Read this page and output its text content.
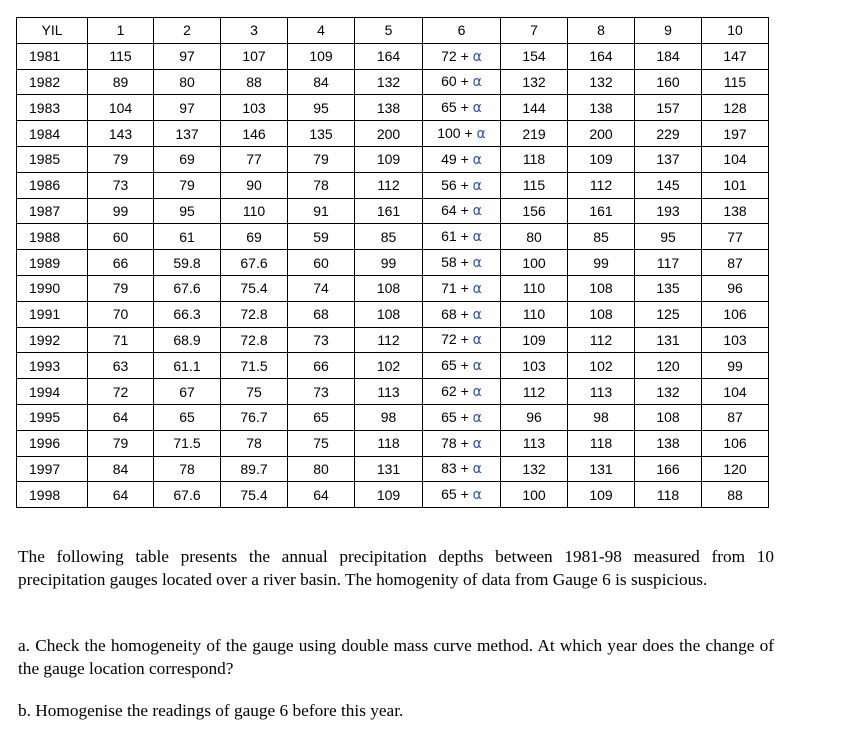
YIL	1	2	3	4	5	6	7	8	9	10
1981	115	97	107	109	164	72 + α	154	164	184	147
1982	89	80	88	84	132	60 + α	132	132	160	115
1983	104	97	103	95	138	65 + α	144	138	157	128
1984	143	137	146	135	200	100 + α	219	200	229	197
1985	79	69	77	79	109	49 + α	118	109	137	104
1986	73	79	90	78	112	56 + α	115	112	145	101
1987	99	95	110	91	161	64 + α	156	161	193	138
1988	60	61	69	59	85	61 + α	80	85	95	77
1989	66	59.8	67.6	60	99	58 + α	100	99	117	87
1990	79	67.6	75.4	74	108	71 + α	110	108	135	96
1991	70	66.3	72.8	68	108	68 + α	110	108	125	106
1992	71	68.9	72.8	73	112	72 + α	109	112	131	103
1993	63	61.1	71.5	66	102	65 + α	103	102	120	99
1994	72	67	75	73	113	62 + α	112	113	132	104
1995	64	65	76.7	65	98	65 + α	96	98	108	87
1996	79	71.5	78	75	118	78 + α	113	118	138	106
1997	84	78	89.7	80	131	83 + α	132	131	166	120
1998	64	67.6	75.4	64	109	65 + α	100	109	118	88

The following table presents the annual precipitation depths between 1981-98 measured from 10 precipitation gauges located over a river basin. The homogenity of data from Gauge 6 is suspicious.

a. Check the homogeneity of the gauge using double mass curve method. At which year does the change of the gauge location correspond?

b. Homogenise the readings of gauge 6 before this year.
